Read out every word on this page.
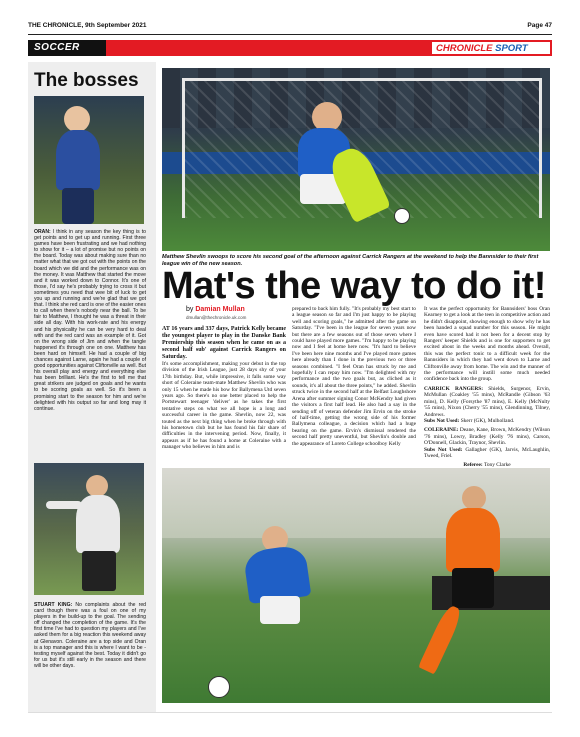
THE CHRONICLE, 9th September 2021	Page 47
SOCCER	CHRONICLE SPORT
The bosses
ORAN: I think in any season the key thing is to get points and to get up and running. First three games have been frustrating and we had nothing to show for it – a lot of promise but no points on the board. Today was about making sure than no matter what that we got out with the points on the board which we did and the performance was on the money. It was Matthew that started the move and it was worked down to Connor. It's one of those, I'd say he's probably trying to cross it but sometimes you need that wee bit of luck to get you up and running and we're glad that we got that. I think she red card is one of the easier ones to call when there's nobody near the ball. To be fair to Matthew, I thought he was a threat in their side all day. With his work-rate and his energy and his physicality he can be very hard to deal with and the red card was an example of it. Got on the wrong side of Jim and when the tangle happened it's through one on one. Matthew has been hard on himself. He had a couple of big chances against Larne, again he had a couple of good opportunities against Cliftonville as well. But his overall play and energy and everything else has been brilliant. He's the first to tell me that great strikers are judged on goals and he wants to be scoring goals as well. So it's been a promising start to the season for him and we're delighted with his output so far and long may it continue.
STUART KING: No complaints about the red card though there was a foul on one of my players in the build-up to the goal. The sending off changed the completion of the game. It's the first time I've had to question my players and I've asked them for a big reaction this weekend away at Glenavon. Coleraine are a top side and Oran is a top manager and this is where I want to be - testing myself against the best. Today it didn't go for us but it's still early in the season and there will be other days.
Matthew Shevlin swoops to score his second goal of the afternoon against Carrick Rangers at the weekend to help the Bannsider to their first league win of the new season.
Mat's the way to do it!
by Damian Mullan
dmullan@thechronicle.uk.com

AT 16 years and 337 days, Patrick Kelly became the youngest player to play in the Danske Bank Premiership this season when he came on as a second half sub' against Carrick Rangers on Saturday.

It's some accomplishment, making your debut in the top division of the Irish League, just 28 days shy of your 17th birthday. But, while impressive, it falls some way short of Coleraine team-mate Matthew Shevlin who was only 15 when he made his bow for Ballymena Utd seven years ago. So there's no one better placed to help the Portstewart teenager 'deliver' as he takes the first tentative steps on what we all hope is a long and successful career in the game. Shevlin, now 22, was touted as the next big thing when he broke through with his hometown club but he has found his fair share of difficulties in the intervening period. Now, finally, it appears as if he has found a home at Coleraine with a manager who believes in him and is

prepared to back him fully. "It's probably my best start to a league season so far and I'm just happy to be playing well and scoring goals," he admitted after the game on Saturday. "I've been in the league for seven years now but there are a few seasons out of those seven where I could have played more games. "I'm happy to be playing now and I feel at home here now. "It's hard to believe I've been here nine months and I've played more games here already than I done in the previous two or three seasons combined. "I feel Oran has struck by me and hopefully I can repay him now. "I'm delighted with my performance and the two goals but, as cliched as it sounds, it's all about the three points," he added. Shevlin struck twice in the second half at the Belfast Loughshore Arena after summer signing Conor McKendry had given the visitors a first half lead. He also had a say in the sending off of veteran defender Jim Ervin on the stroke of half-time, getting the wrong side of his former Ballymena colleague, a decision which had a huge bearing on the game. Ervin's dismissal rendered the second half pretty uneventful, but Shevlin's double and the appearance of Loreto College schoolboy Kelly

It was the perfect opportunity for Bannsiders' boss Oran Kearney to get a look at the teen in competitive action and he didn't disappoint, showing enough to show why he has been handed a squad number for this season. He might even have scored had it not been for a decent stop by Rangers' keeper Shields and is one for supporters to get excited about in the weeks and months ahead. Overall, this was the perfect tonic to a difficult week for the Bannsiders in which they had went down to Larne and Cliftonville away from home. The win and the manner of the performance will instill some much needed confidence back into the group.

CARRICK RANGERS: Shields, Surgenor, Ervin, McMullan (Coakley '55 mins), McRandle (Gibson '63 mins), D. Kelly (Forsythe '87 mins), E. Kelly (McNulty '55 mins), Nixon (Cherry '55 mins), Glendinning, Tilney, Andrews.

Subs Not Used: Skerr (GK), Mulholland.

COLERAINE: Deane, Kane, Brown, McKendry (Wilson '76 mins), Lowry, Bradley (Kelly '76 mins), Carson, O'Donnell, Glackin, Traynor, Shevlin.

Subs Not Used: Gallagher (GK), Jarvis, McLaughlin, Tweed, Friel.

Referee: Tony Clarke
